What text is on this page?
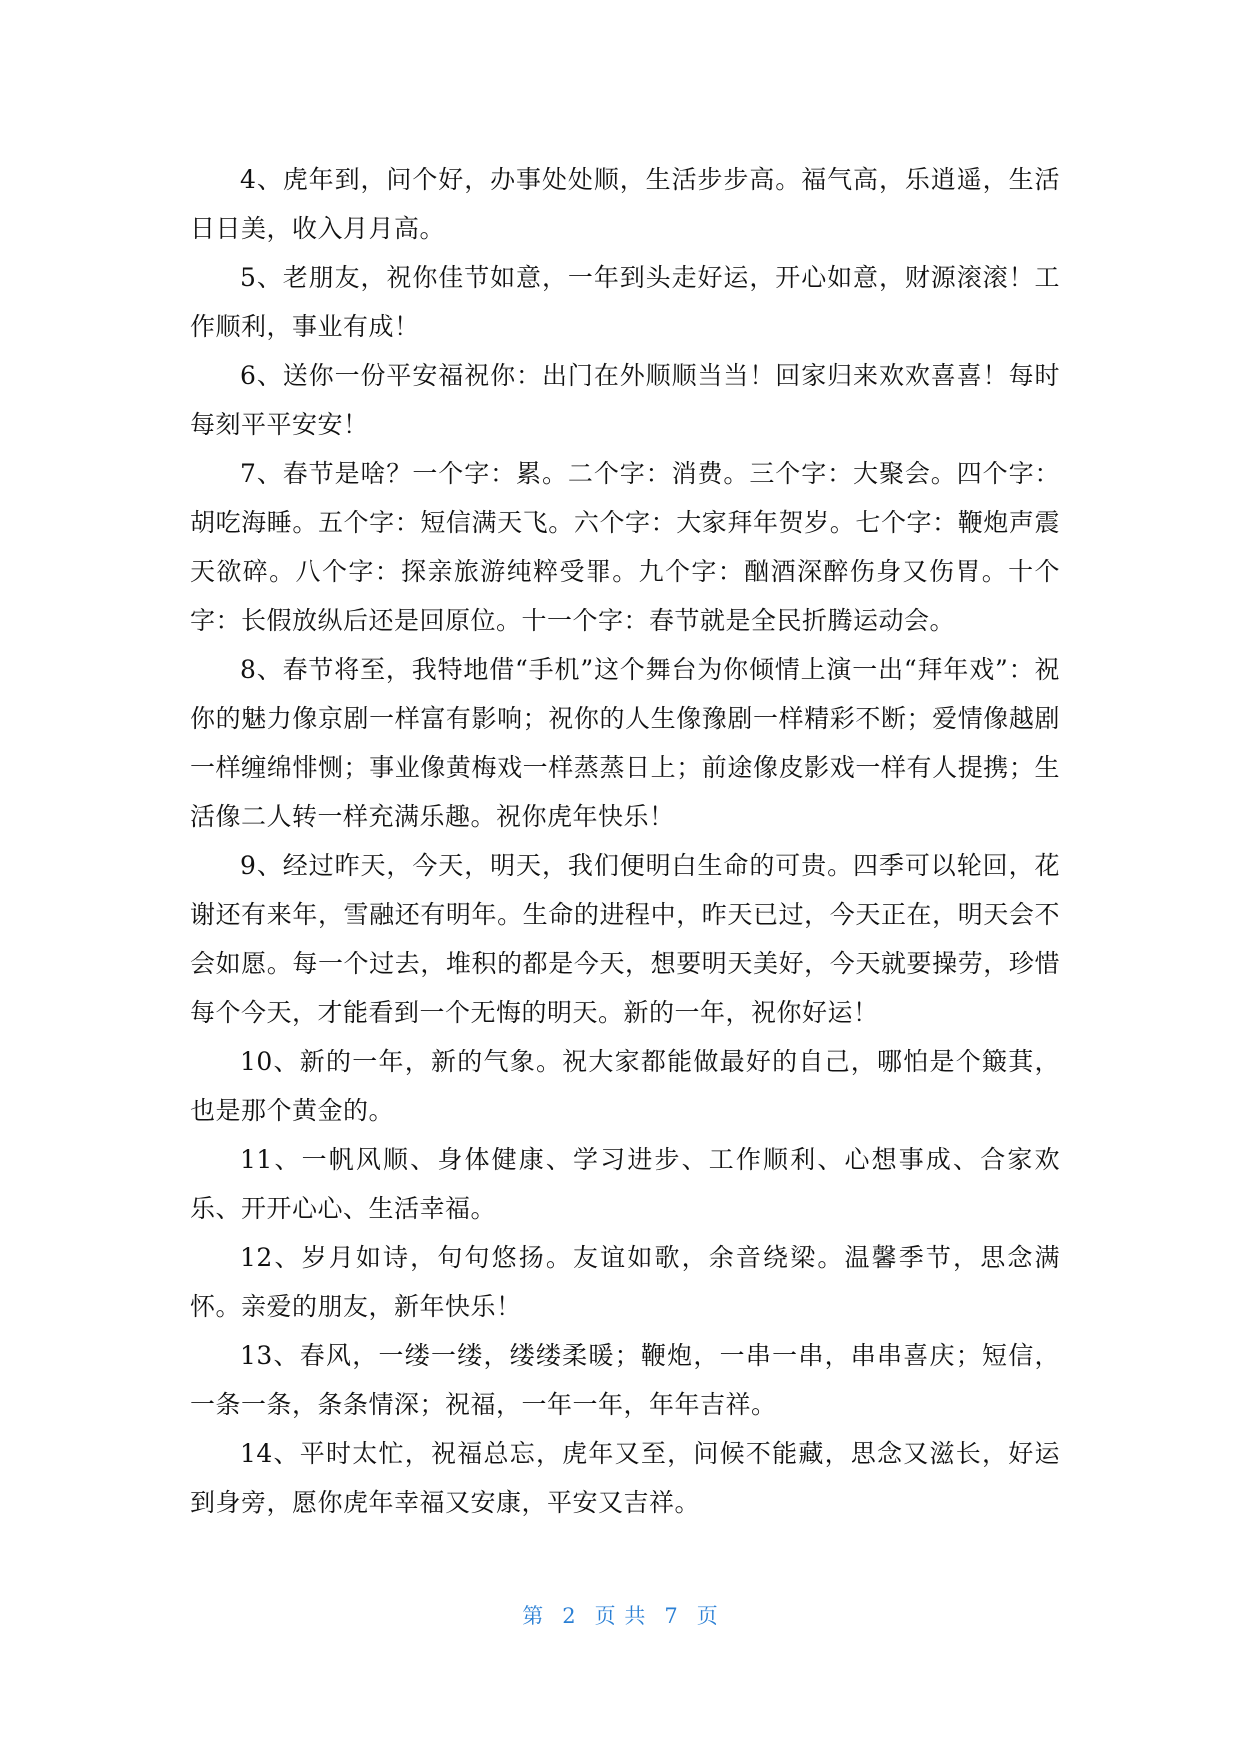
4、虎年到，问个好，办事处处顺，生活步步高。福气高，乐逍遥，生活日日美，收入月月高。

5、老朋友，祝你佳节如意，一年到头走好运，开心如意，财源滚滚！工作顺利，事业有成！

6、送你一份平安福祝你：出门在外顺顺当当！回家归来欢欢喜喜！每时每刻平平安安！

7、春节是啥？一个字：累。二个字：消费。三个字：大聚会。四个字：胡吃海睡。五个字：短信满天飞。六个字：大家拜年贺岁。七个字：鞭炮声震天欲碎。八个字：探亲旅游纯粹受罪。九个字：酗酒深醉伤身又伤胃。十个字：长假放纵后还是回原位。十一个字：春节就是全民折腾运动会。

8、春节将至，我特地借“手机”这个舞台为你倾情上演一出“拜年戏”：祝你的魅力像京剧一样富有影响；祝你的人生像豫剧一样精彩不断；爱情像越剧一样缠绵悱恻；事业像黄梅戏一样蒸蒸日上；前途像皮影戏一样有人提携；生活像二人转一样充满乐趣。祝你虎年快乐！

9、经过昨天，今天，明天，我们便明白生命的可贵。四季可以轮回，花谢还有来年，雪融还有明年。生命的进程中，昨天已过，今天正在，明天会不会如愿。每一个过去，堆积的都是今天，想要明天美好，今天就要操劳，珍惜每个今天，才能看到一个无悔的明天。新的一年，祝你好运！

10、新的一年，新的气象。祝大家都能做最好的自己，哪怕是个簸萁，也是那个黄金的。

11、一帆风顺、身体健康、学习进步、工作顺利、心想事成、合家欢乐、开开心心、生活幸福。

12、岁月如诗，句句悠扬。友谊如歌，余音绕梁。温馨季节，思念满怀。亲爱的朋友，新年快乐！

13、春风，一缕一缕，缕缕柔暖；鞭炮，一串一串，串串喜庆；短信，一条一条，条条情深；祝福，一年一年，年年吉祥。

14、平时太忙，祝福总忘，虎年又至，问候不能藏，思念又滋长，好运到身旁，愿你虎年幸福又安康，平安又吉祥。

第 2 页 共 7 页
